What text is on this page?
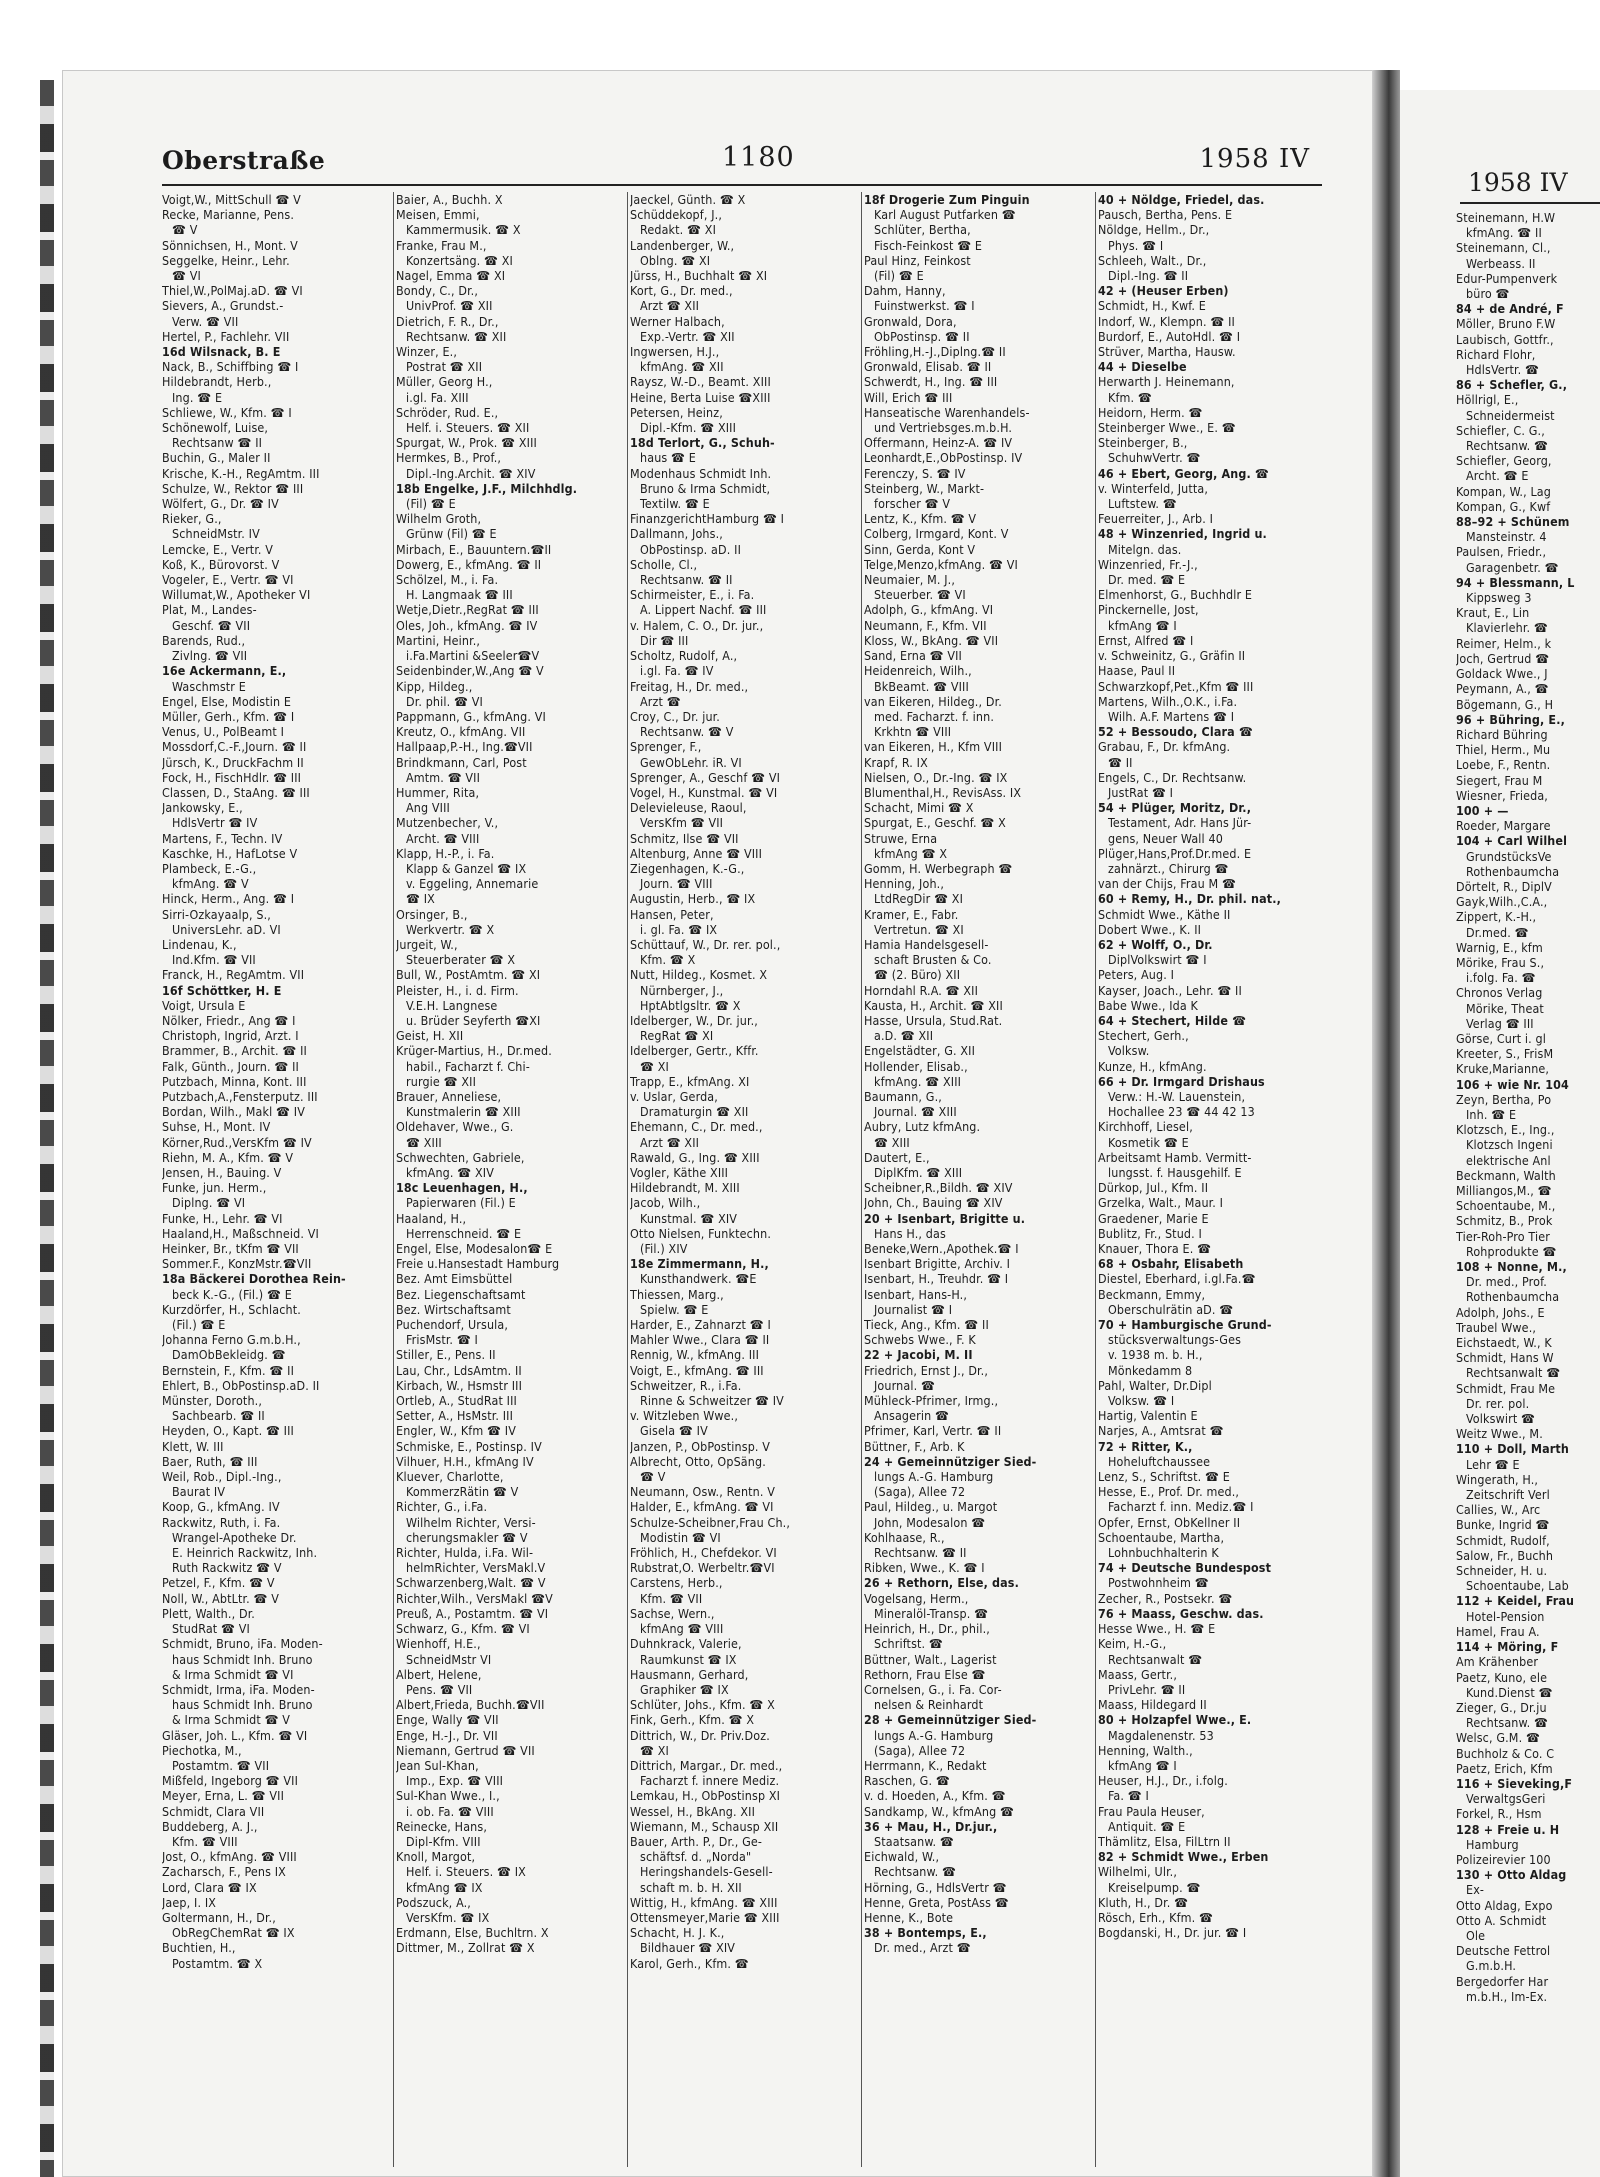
Oberstraße	1180	1958 IV
Voigt,W., MittSchull ☎ V
Recke, Marianne, Pens.
☎ V
Sönnichsen, H., Mont. V
Seggelke, Heinr., Lehr.
☎ VI
Thiel,W.,PolMaj.aD. ☎ VI
Sievers, A., Grundst.-
Verw. ☎ VII
Hertel, P., Fachlehr. VII
16d Wilsnack, B. E
Nack, B., Schiffbing ☎ I
Hildebrandt, Herb.,
Ing. ☎ E
Schliewe, W., Kfm. ☎ I
Schönewolf, Luise,
Rechtsanw ☎ II
Buchin, G., Maler II
Krische, K.-H., RegAmtm. III
Schulze, W., Rektor ☎ III
Wölfert, G., Dr. ☎ IV
Rieker, G.,
SchneidMstr. IV
Lemcke, E., Vertr. V
Koß, K., Bürovorst. V
Vogeler, E., Vertr. ☎ VI
Willumat,W., Apotheker VI
Plat, M., Landes-
Geschf. ☎ VII
Barends, Rud.,
Zivlng. ☎ VII
16e Ackermann, E.,
Waschmstr E
Engel, Else, Modistin E
Müller, Gerh., Kfm. ☎ I
Venus, U., PolBeamt I
Mossdorf,C.-F.,Journ. ☎ II
Jürsch, K., DruckFachm II
Fock, H., FischHdlr. ☎ III
Classen, D., StaAng. ☎ III
Jankowsky, E.,
HdlsVertr ☎ IV
Martens, F., Techn. IV
Kaschke, H., HafLotse V
Plambeck, E.-G.,
kfmAng. ☎ V
Hinck, Herm., Ang. ☎ I
Sirri-Ozkayaalp, S.,
UniversLehr. aD. VI
Lindenau, K.,
Ind.Kfm. ☎ VII
Franck, H., RegAmtm. VII
16f Schöttker, H. E
Voigt, Ursula E
Nölker, Friedr., Ang ☎ I
Christoph, Ingrid, Arzt. I
Brammer, B., Archit. ☎ II
Falk, Günth., Journ. ☎ II
Putzbach, Minna, Kont. III
Putzbach,A.,Fensterputz. III
Bordan, Wilh., Makl ☎ IV
Suhse, H., Mont. IV
Körner,Rud.,VersKfm ☎ IV
Riehn, M. A., Kfm. ☎ V
Jensen, H., Bauing. V
Funke, jun. Herm.,
Diplng. ☎ VI
Funke, H., Lehr. ☎ VI
Haaland,H., Maßschneid. VI
Heinker, Br., tKfm ☎ VII
Sommer.F., KonzMstr.☎VII
18a Bäckerei Dorothea Rein-
beck K.-G., (Fil.) ☎ E
Kurzdörfer, H., Schlacht.
(Fil.) ☎ E
Johanna Ferno G.m.b.H.,
DamObBekleidg. ☎
Bernstein, F., Kfm. ☎ II
Ehlert, B., ObPostinsp.aD. II
Münster, Doroth.,
Sachbearb. ☎ II
Heyden, O., Kapt. ☎ III
Klett, W. III
Baer, Ruth, ☎ III
Weil, Rob., Dipl.-Ing.,
Baurat IV
Koop, G., kfmAng. IV
Rackwitz, Ruth, i. Fa.
Wrangel-Apotheke Dr.
E. Heinrich Rackwitz, Inh.
Ruth Rackwitz ☎ V
Petzel, F., Kfm. ☎ V
Noll, W., AbtLtr. ☎ V
Plett, Walth., Dr.
StudRat ☎ VI
Schmidt, Bruno, iFa. Moden-
haus Schmidt Inh. Bruno
& Irma Schmidt ☎ VI
Schmidt, Irma, iFa. Moden-
haus Schmidt Inh. Bruno
& Irma Schmidt ☎ V
Gläser, Joh. L., Kfm. ☎ VI
Piechotka, M.,
Postamtm. ☎ VII
Mißfeld, Ingeborg ☎ VII
Meyer, Erna, L. ☎ VII
Schmidt, Clara VII
Buddeberg, A. J.,
Kfm. ☎ VIII
Jost, O., kfmAng. ☎ VIII
Zacharsch, F., Pens IX
Lord, Clara ☎ IX
Jaep, I. IX
Goltermann, H., Dr.,
ObRegChemRat ☎ IX
Buchtien, H.,
Postamtm. ☎ X
Baier, A., Buchh. X
Meisen, Emmi,
Kammermusik. ☎ X
Franke, Frau M.,
Konzertsäng. ☎ XI
Nagel, Emma ☎ XI
Bondy, C., Dr.,
UnivProf. ☎ XII
Dietrich, F. R., Dr.,
Rechtsanw. ☎ XII
Winzer, E.,
Postrat ☎ XII
Müller, Georg H.,
i.gl. Fa. XIII
Schröder, Rud. E.,
Helf. i. Steuers. ☎ XII
Spurgat, W., Prok. ☎ XIII
Hermkes, B., Prof.,
Dipl.-Ing.Archit. ☎ XIV
18b Engelke, J.F., Milchhdlg.
(Fil) ☎ E
Wilhelm Groth,
Grünw (Fil) ☎ E
Mirbach, E., Bauuntern.☎II
Dowerg, E., kfmAng. ☎ II
Schölzel, M., i. Fa.
H. Langmaak ☎ III
Wetje,Dietr.,RegRat ☎ III
Oles, Joh., kfmAng. ☎ IV
Martini, Heinr.,
i.Fa.Martini &Seeler☎V
Seidenbinder,W.,Ang ☎ V
Kipp, Hildeg.,
Dr. phil. ☎ VI
Pappmann, G., kfmAng. VI
Kreutz, O., kfmAng. VII
Hallpaap,P.-H., Ing.☎VII
Brindkmann, Carl, Post
Amtm. ☎ VII
Hummer, Rita,
Ang VIII
Mutzenbecher, V.,
Archt. ☎ VIII
Klapp, H.-P., i. Fa.
Klapp & Ganzel ☎ IX
v. Eggeling, Annemarie
☎ IX
Orsinger, B.,
Werkvertr. ☎ X
Jurgeit, W.,
Steuerberater ☎ X
Bull, W., PostAmtm. ☎ XI
Pleister, H., i. d. Firm.
V.E.H. Langnese
u. Brüder Seyferth ☎XI
Geist, H. XII
Krüger-Martius, H., Dr.med.
habil., Facharzt f. Chi-
rurgie ☎ XII
Brauer, Anneliese,
Kunstmalerin ☎ XIII
Oldehaver, Wwe., G.
☎ XIII
Schwechten, Gabriele,
kfmAng. ☎ XIV
18c Leuenhagen, H.,
Papierwaren (Fil.) E
Haaland, H.,
Herrenschneid. ☎ E
Engel, Else, Modesalon☎ E
Freie u.Hansestadt Hamburg
Bez. Amt Eimsbüttel
Bez. Liegenschaftsamt
Bez. Wirtschaftsamt
Puchendorf, Ursula,
FrisMstr. ☎ I
Stiller, E., Pens. II
Lau, Chr., LdsAmtm. II
Kirbach, W., Hsmstr III
Ortleb, A., StudRat III
Setter, A., HsMstr. III
Engler, W., Kfm ☎ IV
Schmiske, E., Postinsp. IV
Vilhuer, H.H., kfmAng IV
Kluever, Charlotte,
KommerzRätin ☎ V
Richter, G., i.Fa.
Wilhelm Richter, Versi-
cherungsmakler ☎ V
Richter, Hulda, i.Fa. Wil-
helmRichter, VersMakl.V
Schwarzenberg,Walt. ☎ V
Richter,Wilh., VersMakl ☎V
Preuß, A., Postamtm. ☎ VI
Schwarz, G., Kfm. ☎ VI
Wienhoff, H.E.,
SchneidMstr VI
Albert, Helene,
Pens. ☎ VII
Albert,Frieda, Buchh.☎VII
Enge, Wally ☎ VII
Enge, H.-J., Dr. VII
Niemann, Gertrud ☎ VII
Jean Sul-Khan,
Imp., Exp. ☎ VIII
Sul-Khan Wwe., I.,
i. ob. Fa. ☎ VIII
Reinecke, Hans,
Dipl-Kfm. VIII
Knoll, Margot,
Helf. i. Steuers. ☎ IX
kfmAng ☎ IX
Podszuck, A.,
VersKfm. ☎ IX
Erdmann, Else, Buchltrn. X
Dittmer, M., Zollrat ☎ X
Jaeckel, Günth. ☎ X
Schüddekopf, J.,
Redakt. ☎ XI
Landenberger, W.,
Oblng. ☎ XI
Jürss, H., Buchhalt ☎ XI
Kort, G., Dr. med.,
Arzt ☎ XII
Werner Halbach,
Exp.-Vertr. ☎ XII
Ingwersen, H.J.,
kfmAng. ☎ XII
Raysz, W.-D., Beamt. XIII
Heine, Berta Luise ☎XIII
Petersen, Heinz,
Dipl.-Kfm. ☎ XIII
18d Terlort, G., Schuh-
haus ☎ E
Modenhaus Schmidt Inh.
Bruno & Irma Schmidt,
Textilw. ☎ E
FinanzgerichtHamburg ☎ I
Dallmann, Johs.,
ObPostinsp. aD. II
Scholle, Cl.,
Rechtsanw. ☎ II
Schirmeister, E., i. Fa.
A. Lippert Nachf. ☎ III
v. Halem, C. O., Dr. jur.,
Dir ☎ III
Scholtz, Rudolf, A.,
i.gl. Fa. ☎ IV
Freitag, H., Dr. med.,
Arzt ☎
Croy, C., Dr. jur.
Rechtsanw. ☎ V
Sprenger, F.,
GewObLehr. iR. VI
Sprenger, A., Geschf ☎ VI
Vogel, H., Kunstmal. ☎ VI
Delevieleuse, Raoul,
VersKfm ☎ VII
Schmitz, Ilse ☎ VII
Altenburg, Anne ☎ VIII
Ziegenhagen, K.-G.,
Journ. ☎ VIII
Augustin, Herb., ☎ IX
Hansen, Peter,
i. gl. Fa. ☎ IX
Schüttauf, W., Dr. rer. pol.,
Kfm. ☎ X
Nutt, Hildeg., Kosmet. X
Nürnberger, J.,
HptAbtlgsltr. ☎ X
Idelberger, W., Dr. jur.,
RegRat ☎ XI
Idelberger, Gertr., Kffr.
☎ XI
Trapp, E., kfmAng. XI
v. Uslar, Gerda,
Dramaturgin ☎ XII
Ehemann, C., Dr. med.,
Arzt ☎ XII
Rawald, G., Ing. ☎ XIII
Vogler, Käthe XIII
Hildebrandt, M. XIII
Jacob, Wilh.,
Kunstmal. ☎ XIV
Otto Nielsen, Funktechn.
(Fil.) XIV
18e Zimmermann, H.,
Kunsthandwerk. ☎E
Thiessen, Marg.,
Spielw. ☎ E
Harder, E., Zahnarzt ☎ I
Mahler Wwe., Clara ☎ II
Rennig, W., kfmAng. III
Voigt, E., kfmAng. ☎ III
Schweitzer, R., i.Fa.
Rinne & Schweitzer ☎ IV
v. Witzleben Wwe.,
Gisela ☎ IV
Janzen, P., ObPostinsp. V
Albrecht, Otto, OpSäng.
☎ V
Neumann, Osw., Rentn. V
Halder, E., kfmAng. ☎ VI
Schulze-Scheibner,Frau Ch.,
Modistin ☎ VI
Fröhlich, H., Chefdekor. VI
Rubstrat,O. Werbeltr.☎VI
Carstens, Herb.,
Kfm. ☎ VII
Sachse, Wern.,
kfmAng ☎ VIII
Duhnkrack, Valerie,
Raumkunst ☎ IX
Hausmann, Gerhard,
Graphiker ☎ IX
Schlüter, Johs., Kfm. ☎ X
Fink, Gerh., Kfm. ☎ X
Dittrich, W., Dr. Priv.Doz.
☎ XI
Dittrich, Margar., Dr. med.,
Facharzt f. innere Mediz.
Lemkau, H., ObPostinsp XI
Wessel, H., BkAng. XII
Wiemann, M., Schausp XII
Bauer, Arth. P., Dr., Ge-
schäftsf. d. „Norda"
Heringshandels-Gesell-
schaft m. b. H. XII
Wittig, H., kfmAng. ☎ XIII
Ottensmeyer,Marie ☎ XIII
Schacht, H. J. K.,
Bildhauer ☎ XIV
Karol, Gerh., Kfm. ☎
18f Drogerie Zum Pinguin
Karl August Putfarken ☎
Schlüter, Bertha,
Fisch-Feinkost ☎ E
Paul Hinz, Feinkost
(Fil) ☎ E
Dahm, Hanny,
Fuinstwerkst. ☎ I
Gronwald, Dora,
ObPostinsp. ☎ II
Fröhling,H.-J.,Diplng.☎ II
Gronwald, Elisab. ☎ II
Schwerdt, H., Ing. ☎ III
Will, Erich ☎ III
Hanseatische Warenhandels-
und Vertriebsges.m.b.H.
Offermann, Heinz-A. ☎ IV
Leonhardt,E.,ObPostinsp. IV
Ferenczy, S. ☎ IV
Steinberg, W., Markt-
forscher ☎ V
Lentz, K., Kfm. ☎ V
Colberg, Irmgard, Kont. V
Sinn, Gerda, Kont V
Telge,Menzo,kfmAng. ☎ VI
Neumaier, M. J.,
Steuerber. ☎ VI
Adolph, G., kfmAng. VI
Neumann, F., Kfm. VII
Kloss, W., BkAng. ☎ VII
Sand, Erna ☎ VII
Heidenreich, Wilh.,
BkBeamt. ☎ VIII
van Eikeren, Hildeg., Dr.
med. Facharzt. f. inn.
Krkhtn ☎ VIII
van Eikeren, H., Kfm VIII
Krapf, R. IX
Nielsen, O., Dr.-Ing. ☎ IX
Blumenthal,H., RevisAss. IX
Schacht, Mimi ☎ X
Spurgat, E., Geschf. ☎ X
Struwe, Erna
kfmAng ☎ X
Gomm, H. Werbegraph ☎
Henning, Joh.,
LtdRegDir ☎ XI
Kramer, E., Fabr.
Vertretun. ☎ XI
Hamia Handelsgesell-
schaft Brusten & Co.
☎ (2. Büro) XII
Horndahl R.A. ☎ XII
Kausta, H., Archit. ☎ XII
Hasse, Ursula, Stud.Rat.
a.D. ☎ XII
Engelstädter, G. XII
Hollender, Elisab.,
kfmAng. ☎ XIII
Baumann, G.,
Journal. ☎ XIII
Aubry, Lutz kfmAng.
☎ XIII
Dautert, E.,
DiplKfm. ☎ XIII
Scheibner,R.,Bildh. ☎ XIV
John, Ch., Bauing ☎ XIV
20 + Isenbart, Brigitte u.
Hans H., das
Beneke,Wern.,Apothek.☎ I
Isenbart Brigitte, Archiv. I
Isenbart, H., Treuhdr. ☎ I
Isenbart, Hans-H.,
Journalist ☎ I
Tieck, Ang., Kfm. ☎ II
Schwebs Wwe., F. K
22 + Jacobi, M. II
Friedrich, Ernst J., Dr.,
Journal. ☎
Mühleck-Pfrimer, Irmg.,
Ansagerin ☎
Pfrimer, Karl, Vertr. ☎ II
Büttner, F., Arb. K
24 + Gemeinnütziger Sied-
lungs A.-G. Hamburg
(Saga), Allee 72
Paul, Hildeg., u. Margot
John, Modesalon ☎
Kohlhaase, R.,
Rechtsanw. ☎ II
Ribken, Wwe., K. ☎ I
26 + Rethorn, Else, das.
Vogelsang, Herm.,
Mineralöl-Transp. ☎
Heinrich, H., Dr., phil.,
Schriftst. ☎
Büttner, Walt., Lagerist
Rethorn, Frau Else ☎
Cornelsen, G., i. Fa. Cor-
nelsen & Reinhardt
28 + Gemeinnütziger Sied-
lungs A.-G. Hamburg
(Saga), Allee 72
Herrmann, K., Redakt
Raschen, G. ☎
v. d. Hoeden, A., Kfm. ☎
Sandkamp, W., kfmAng ☎
36 + Mau, H., Dr.jur.,
Staatsanw. ☎
Eichwald, W.,
Rechtsanw. ☎
Hörning, G., HdlsVertr ☎
Henne, Greta, PostAss ☎
Henne, K., Bote
38 + Bontemps, E.,
Dr. med., Arzt ☎
40 + Nöldge, Friedel, das.
Pausch, Bertha, Pens. E
Nöldge, Hellm., Dr.,
Phys. ☎ I
Schleeh, Walt., Dr.,
Dipl.-Ing. ☎ II
42 + (Heuser Erben)
Schmidt, H., Kwf. E
Indorf, W., Klempn. ☎ II
Burdorf, E., AutoHdl. ☎ I
Strüver, Martha, Hausw.
44 + Dieselbe
Herwarth J. Heinemann,
Kfm. ☎
Heidorn, Herm. ☎
Steinberger Wwe., E. ☎
Steinberger, B.,
SchuhwVertr. ☎
46 + Ebert, Georg, Ang. ☎
v. Winterfeld, Jutta,
Luftstew. ☎
Feuerreiter, J., Arb. I
48 + Winzenried, Ingrid u.
Mitelgn. das.
Winzenried, Fr.-J.,
Dr. med. ☎ E
Elmenhorst, G., Buchhdlr E
Pinckernelle, Jost,
kfmAng ☎ I
Ernst, Alfred ☎ I
v. Schweinitz, G., Gräfin II
Haase, Paul II
Schwarzkopf,Pet.,Kfm ☎ III
Martens, Wilh.,O.K., i.Fa.
Wilh. A.F. Martens ☎ I
52 + Bessoudo, Clara ☎
Grabau, F., Dr. kfmAng.
☎ II
Engels, C., Dr. Rechtsanw.
JustRat ☎ I
54 + Plüger, Moritz, Dr.,
Testament, Adr. Hans Jür-
gens, Neuer Wall 40
Plüger,Hans,Prof.Dr.med. E
zahnärzt., Chirurg ☎
van der Chijs, Frau M ☎
60 + Remy, H., Dr. phil. nat.,
Schmidt Wwe., Käthe II
Dobert Wwe., K. II
62 + Wolff, O., Dr.
DiplVolkswirt ☎ I
Peters, Aug. I
Kayser, Joach., Lehr. ☎ II
Babe Wwe., Ida K
64 + Stechert, Hilde ☎
Stechert, Gerh.,
Volksw.
Kunze, H., kfmAng.
66 + Dr. Irmgard Drishaus
Verw.: H.-W. Lauenstein,
Hochallee 23 ☎ 44 42 13
Kirchhoff, Liesel,
Kosmetik ☎ E
Arbeitsamt Hamb. Vermitt-
lungsst. f. Hausgehilf. E
Dürkop, Jul., Kfm. II
Grzelka, Walt., Maur. I
Graedener, Marie E
Bublitz, Fr., Stud. I
Knauer, Thora E. ☎
68 + Osbahr, Elisabeth
Diestel, Eberhard, i.gl.Fa.☎
Beckmann, Emmy,
Oberschulrätin aD. ☎
70 + Hamburgische Grund-
stücksverwaltungs-Ges
v. 1938 m. b. H.,
Mönkedamm 8
Pahl, Walter, Dr.Dipl
Volksw. ☎ I
Hartig, Valentin E
Narjes, A., Amtsrat ☎
72 + Ritter, K.,
Hoheluftchaussee
Lenz, S., Schriftst. ☎ E
Hesse, E., Prof. Dr. med.,
Facharzt f. inn. Mediz.☎ I
Opfer, Ernst, ObKellner II
Schoentaube, Martha,
Lohnbuchhalterin K
74 + Deutsche Bundespost
Postwohnheim ☎
Zecher, R., Postsekr. ☎
76 + Maass, Geschw. das.
Hesse Wwe., H. ☎ E
Keim, H.-G.,
Rechtsanwalt ☎
Maass, Gertr.,
PrivLehr. ☎ II
Maass, Hildegard II
80 + Holzapfel Wwe., E.
Magdalenenstr. 53
Henning, Walth.,
kfmAng ☎ I
Heuser, H.J., Dr., i.folg.
Fa. ☎ I
Frau Paula Heuser,
Antiquit. ☎ E
Thämlitz, Elsa, FilLtrn II
82 + Schmidt Wwe., Erben
Wilhelmi, Ulr.,
Kreiselpump. ☎
Kluth, H., Dr. ☎
Rösch, Erh., Kfm. ☎
Bogdanski, H., Dr. jur. ☎ I
1958 IV
Steinemann, H.W
kfmAng. ☎ II
Steinemann, Cl.,
Werbeass. II
Edur-Pumpenverk
büro ☎
84 + de André, F
Möller, Bruno F.W
Laubisch, Gottfr.,
Richard Flohr,
HdlsVertr. ☎
86 + Schefler, G.,
Höllrigl, E.,
Schneidermeist
Schiefler, C. G.,
Rechtsanw. ☎
Schiefler, Georg,
Archt. ☎ E
Kompan, W., Lag
Kompan, G., Kwf
88–92 + Schünem
Mansteinstr. 4
Paulsen, Friedr.,
Garagenbetr. ☎
94 + Blessmann, L
Kippsweg 3
Kraut, E., Lin
Klavierlehr. ☎
Reimer, Helm., k
Joch, Gertrud ☎
Goldack Wwe., J
Peymann, A., ☎
Bögemann, G., H
96 + Bühring, E.,
Richard Bühring
Thiel, Herm., Mu
Loebe, F., Rentn.
Siegert, Frau M
Wiesner, Frieda,
100 + —
Roeder, Margare
104 + Carl Wilhel
GrundstücksVe
Rothenbaumcha
Dörtelt, R., DiplV
Gayk,Wilh.,C.A.,
Zippert, K.-H.,
Dr.med. ☎
Warnig, E., kfm
Mörike, Frau S.,
i.folg. Fa. ☎
Chronos Verlag
Mörike, Theat
Verlag ☎ III
Görse, Curt i. gl
Kreeter, S., FrisM
Kruke,Marianne,
106 + wie Nr. 104
Zeyn, Bertha, Po
Inh. ☎ E
Klotzsch, E., Ing.,
Klotzsch Ingeni
elektrische Anl
Beckmann, Walth
Milliangos,M., ☎
Schoentaube, M.,
Schmitz, B., Prok
Tier-Roh-Pro Tier
Rohprodukte ☎
108 + Nonne, M.,
Dr. med., Prof.
Rothenbaumcha
Adolph, Johs., E
Traubel Wwe.,
Eichstaedt, W., K
Schmidt, Hans W
Rechtsanwalt ☎
Schmidt, Frau Me
Dr. rer. pol.
Volkswirt ☎
Weitz Wwe., M.
110 + Doll, Marth
Lehr ☎ E
Wingerath, H.,
Zeitschrift Verl
Callies, W., Arc
Bunke, Ingrid ☎
Schmidt, Rudolf,
Salow, Fr., Buchh
Schneider, H. u.
Schoentaube, Lab
112 + Keidel, Frau
Hotel-Pension
Hamel, Frau A.
114 + Möring, F
Am Krähenber
Paetz, Kuno, ele
Kund.Dienst ☎
Zieger, G., Dr.ju
Rechtsanw. ☎
Welsc, G.M. ☎
Buchholz & Co. C
Paetz, Erich, Kfm
116 + Sieveking,F
VerwaltgsGeri
Forkel, R., Hsm
128 + Freie u. H
Hamburg
Polizeirevier 100
130 + Otto Aldag
Ex-
Otto Aldag, Expo
Otto A. Schmidt
Ole
Deutsche Fettrol
G.m.b.H.
Bergedorfer Har
m.b.H., Im-Ex.
